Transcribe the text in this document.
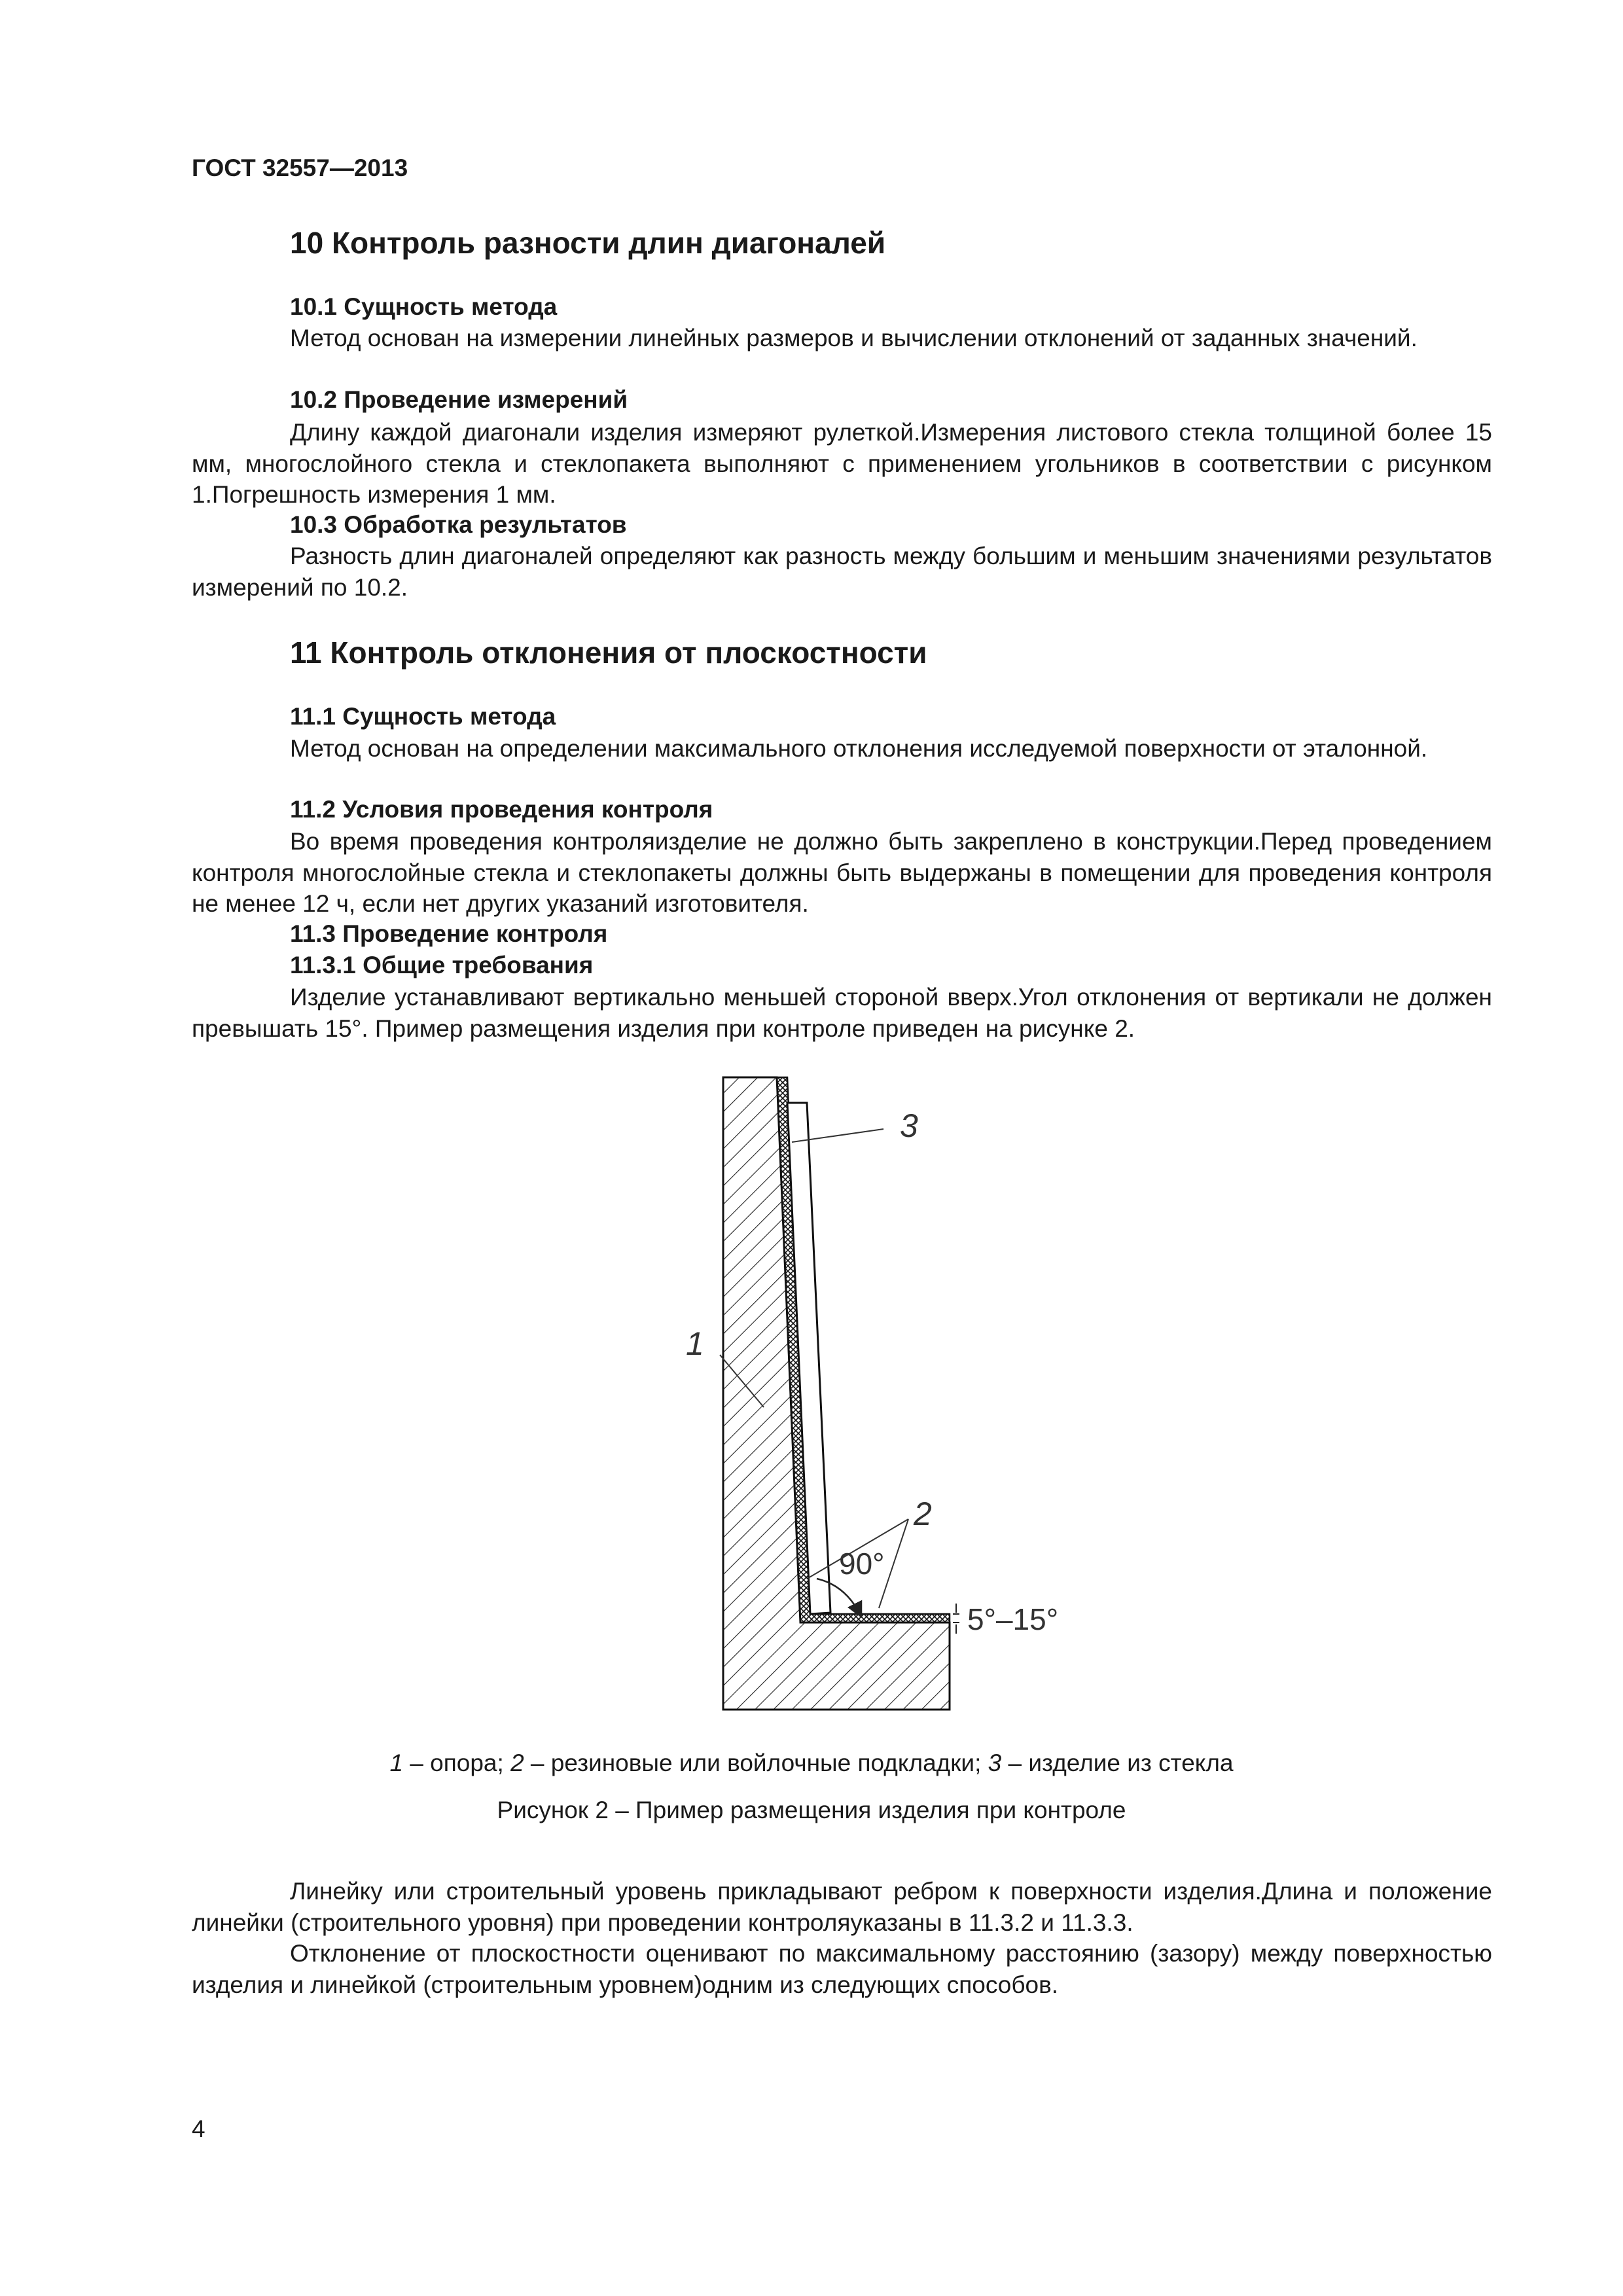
ГОСТ 32557—2013
10 Контроль разности длин диагоналей
10.1 Сущность метода

Метод основан на измерении линейных размеров и вычислении отклонений от заданных значений.

10.2 Проведение измерений

Длину каждой диагонали изделия измеряют рулеткой.Измерения листового стекла толщиной более 15 мм, многослойного стекла и стеклопакета выполняют с применением угольников в соответствии с рисунком 1.Погрешность измерения 1 мм.

10.3 Обработка результатов

Разность длин диагоналей определяют как разность между большим и меньшим значениями результатов измерений по 10.2.

11 Контроль отклонения от плоскостности
11.1 Сущность метода

Метод основан на определении максимального отклонения исследуемой поверхности от эталонной.

11.2 Условия проведения контроля

Во время проведения контроляизделие не должно быть закреплено в конструкции.Перед проведением контроля многослойные стекла и стеклопакеты должны быть выдержаны в помещении для проведения контроля не менее 12 ч, если нет других указаний изготовителя.

11.3 Проведение контроля
11.3.1 Общие требования

Изделие устанавливают вертикально меньшей стороной вверх.Угол отклонения от вертикали не должен превышать 15°. Пример размещения изделия при контроле приведен на рисунке 2.

3
1
2
90°
5°–15°
1 – опора; 2 – резиновые или войлочные подкладки; 3 – изделие из стекла
Рисунок 2 – Пример размещения изделия при контроле

Линейку или строительный уровень прикладывают ребром к поверхности изделия.Длина и положение линейки (строительного уровня) при проведении контроляуказаны в 11.3.2 и 11.3.3.

Отклонение от плоскостности оценивают по максимальному расстоянию (зазору) между поверхностью изделия и линейкой (строительным уровнем)одним из следующих способов.

4
